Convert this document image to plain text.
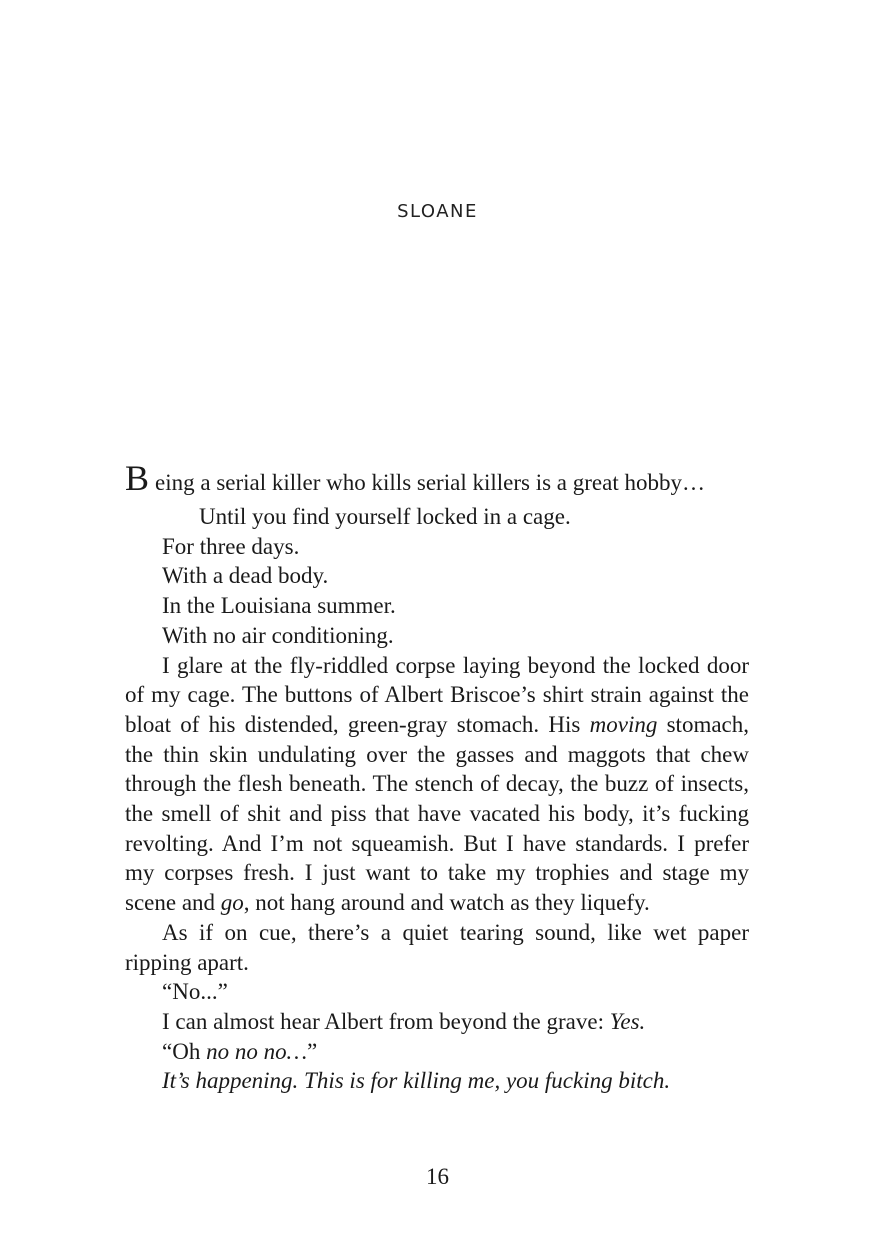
SLOANE

Being a serial killer who kills serial killers is a great hobby…

Until you find yourself locked in a cage.

For three days.

With a dead body.

In the Louisiana summer.

With no air conditioning.

I glare at the fly-riddled corpse laying beyond the locked door of my cage. The buttons of Albert Briscoe’s shirt strain against the bloat of his distended, green-gray stomach. His moving stomach, the thin skin undulating over the gasses and maggots that chew through the flesh beneath. The stench of decay, the buzz of insects, the smell of shit and piss that have vacated his body, it’s fucking revolting. And I’m not squeamish. But I have standards. I prefer my corpses fresh. I just want to take my trophies and stage my scene and go, not hang around and watch as they liquefy.

As if on cue, there’s a quiet tearing sound, like wet paper ripping apart.

“No...”

I can almost hear Albert from beyond the grave: Yes.

“Oh no no no…”

It’s happening. This is for killing me, you fucking bitch.

16
